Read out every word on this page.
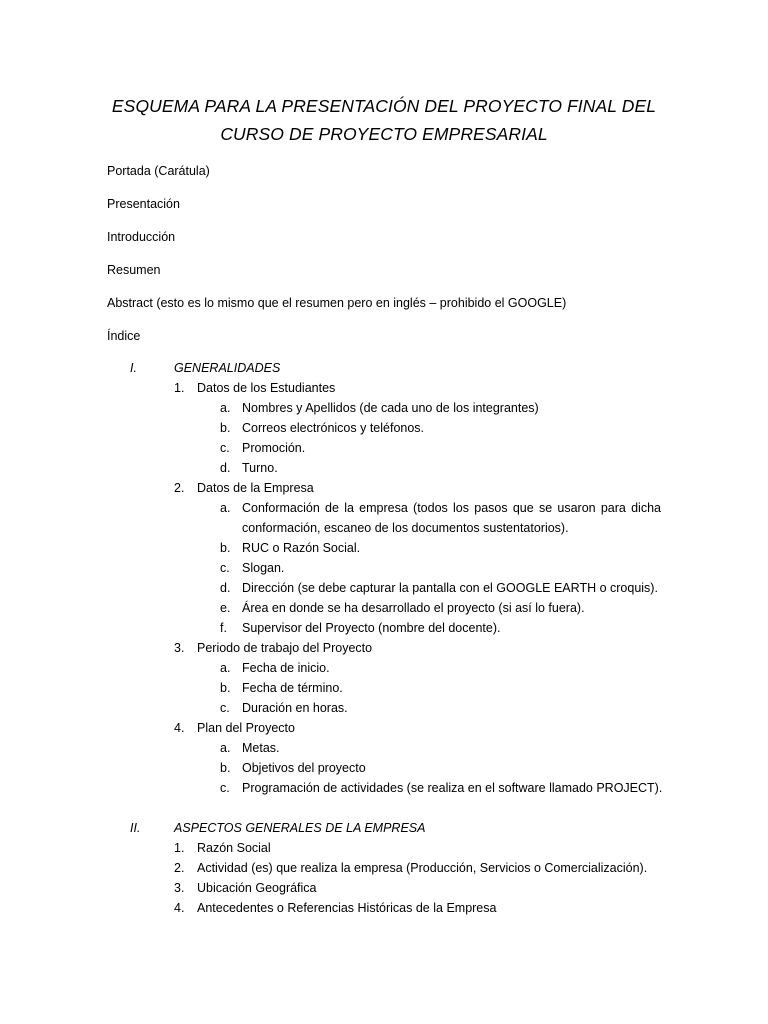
ESQUEMA PARA LA PRESENTACIÓN DEL PROYECTO FINAL DEL
CURSO DE PROYECTO EMPRESARIAL
Portada (Carátula)
Presentación
Introducción
Resumen
Abstract (esto es lo mismo que el resumen pero en inglés – prohibido el GOOGLE)
Índice
I.	GENERALIDADES
1. Datos de los Estudiantes
a. Nombres y Apellidos (de cada uno de los integrantes)
b. Correos electrónicos y teléfonos.
c. Promoción.
d. Turno.
2. Datos de la Empresa
a. Conformación de la empresa (todos los pasos que se usaron para dicha
conformación, escaneo de los documentos sustentatorios).
b. RUC o Razón Social.
c. Slogan.
d. Dirección (se debe capturar la pantalla con el GOOGLE EARTH o croquis).
e. Área en donde se ha desarrollado el proyecto (si así lo fuera).
f. Supervisor del Proyecto (nombre del docente).
3. Periodo de trabajo del Proyecto
a. Fecha de inicio.
b. Fecha de término.
c. Duración en horas.
4. Plan del Proyecto
a. Metas.
b. Objetivos del proyecto
c. Programación de actividades (se realiza en el software llamado PROJECT).
II.	ASPECTOS GENERALES DE LA EMPRESA
1. Razón Social
2. Actividad (es) que realiza la empresa (Producción, Servicios o Comercialización).
3. Ubicación Geográfica
4. Antecedentes o Referencias Históricas de la Empresa
